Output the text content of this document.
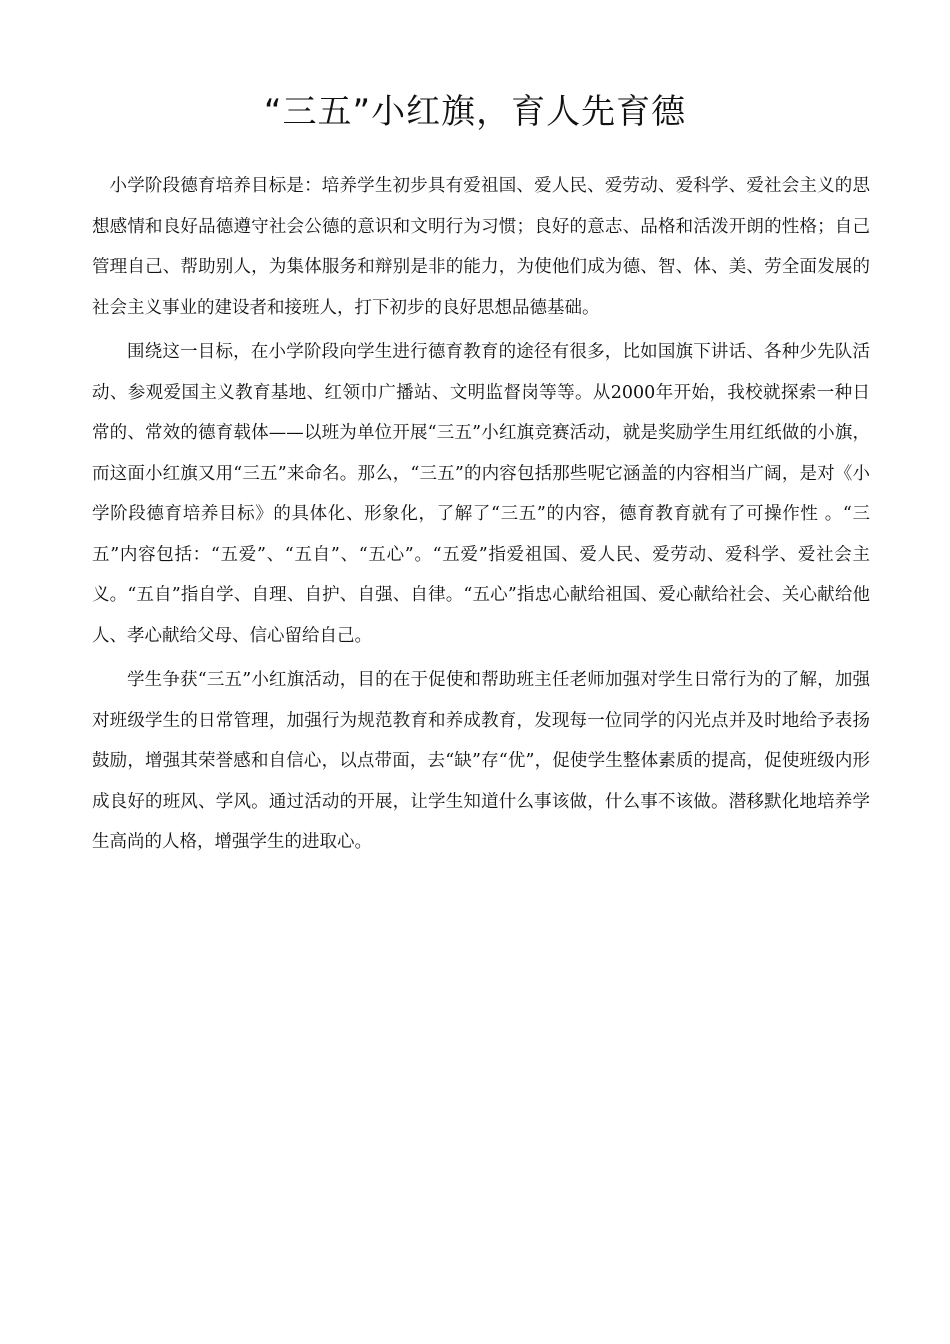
“三五”小红旗，育人先育德

小学阶段德育培养目标是：培养学生初步具有爱祖国、爱人民、爱劳动、爱科学、爱社会主义的思想感情和良好品德遵守社会公德的意识和文明行为习惯；良好的意志、品格和活泼开朗的性格；自己管理自己、帮助别人，为集体服务和辩别是非的能力，为使他们成为德、智、体、美、劳全面发展的社会主义事业的建设者和接班人，打下初步的良好思想品德基础。

围绕这一目标，在小学阶段向学生进行德育教育的途径有很多，比如国旗下讲话、各种少先队活动、参观爱国主义教育基地、红领巾广播站、文明监督岗等等。从2000年开始，我校就探索一种日常的、常效的德育载体——以班为单位开展“三五”小红旗竞赛活动，就是奖励学生用红纸做的小旗，而这面小红旗又用“三五”来命名。那么，“三五”的内容包括那些呢它涵盖的内容相当广阔，是对《小学阶段德育培养目标》的具体化、形象化，了解了“三五”的内容，德育教育就有了可操作性 。“三五”内容包括：“五爱”、“五自”、“五心”。“五爱”指爱祖国、爱人民、爱劳动、爱科学、爱社会主义。“五自”指自学、自理、自护、自强、自律。“五心”指忠心献给祖国、爱心献给社会、关心献给他人、孝心献给父母、信心留给自己。

学生争获“三五”小红旗活动，目的在于促使和帮助班主任老师加强对学生日常行为的了解，加强对班级学生的日常管理，加强行为规范教育和养成教育，发现每一位同学的闪光点并及时地给予表扬鼓励，增强其荣誉感和自信心，以点带面，去“缺”存“优”，促使学生整体素质的提高，促使班级内形成良好的班风、学风。通过活动的开展，让学生知道什么事该做，什么事不该做。潜移默化地培养学生高尚的人格，增强学生的进取心。
